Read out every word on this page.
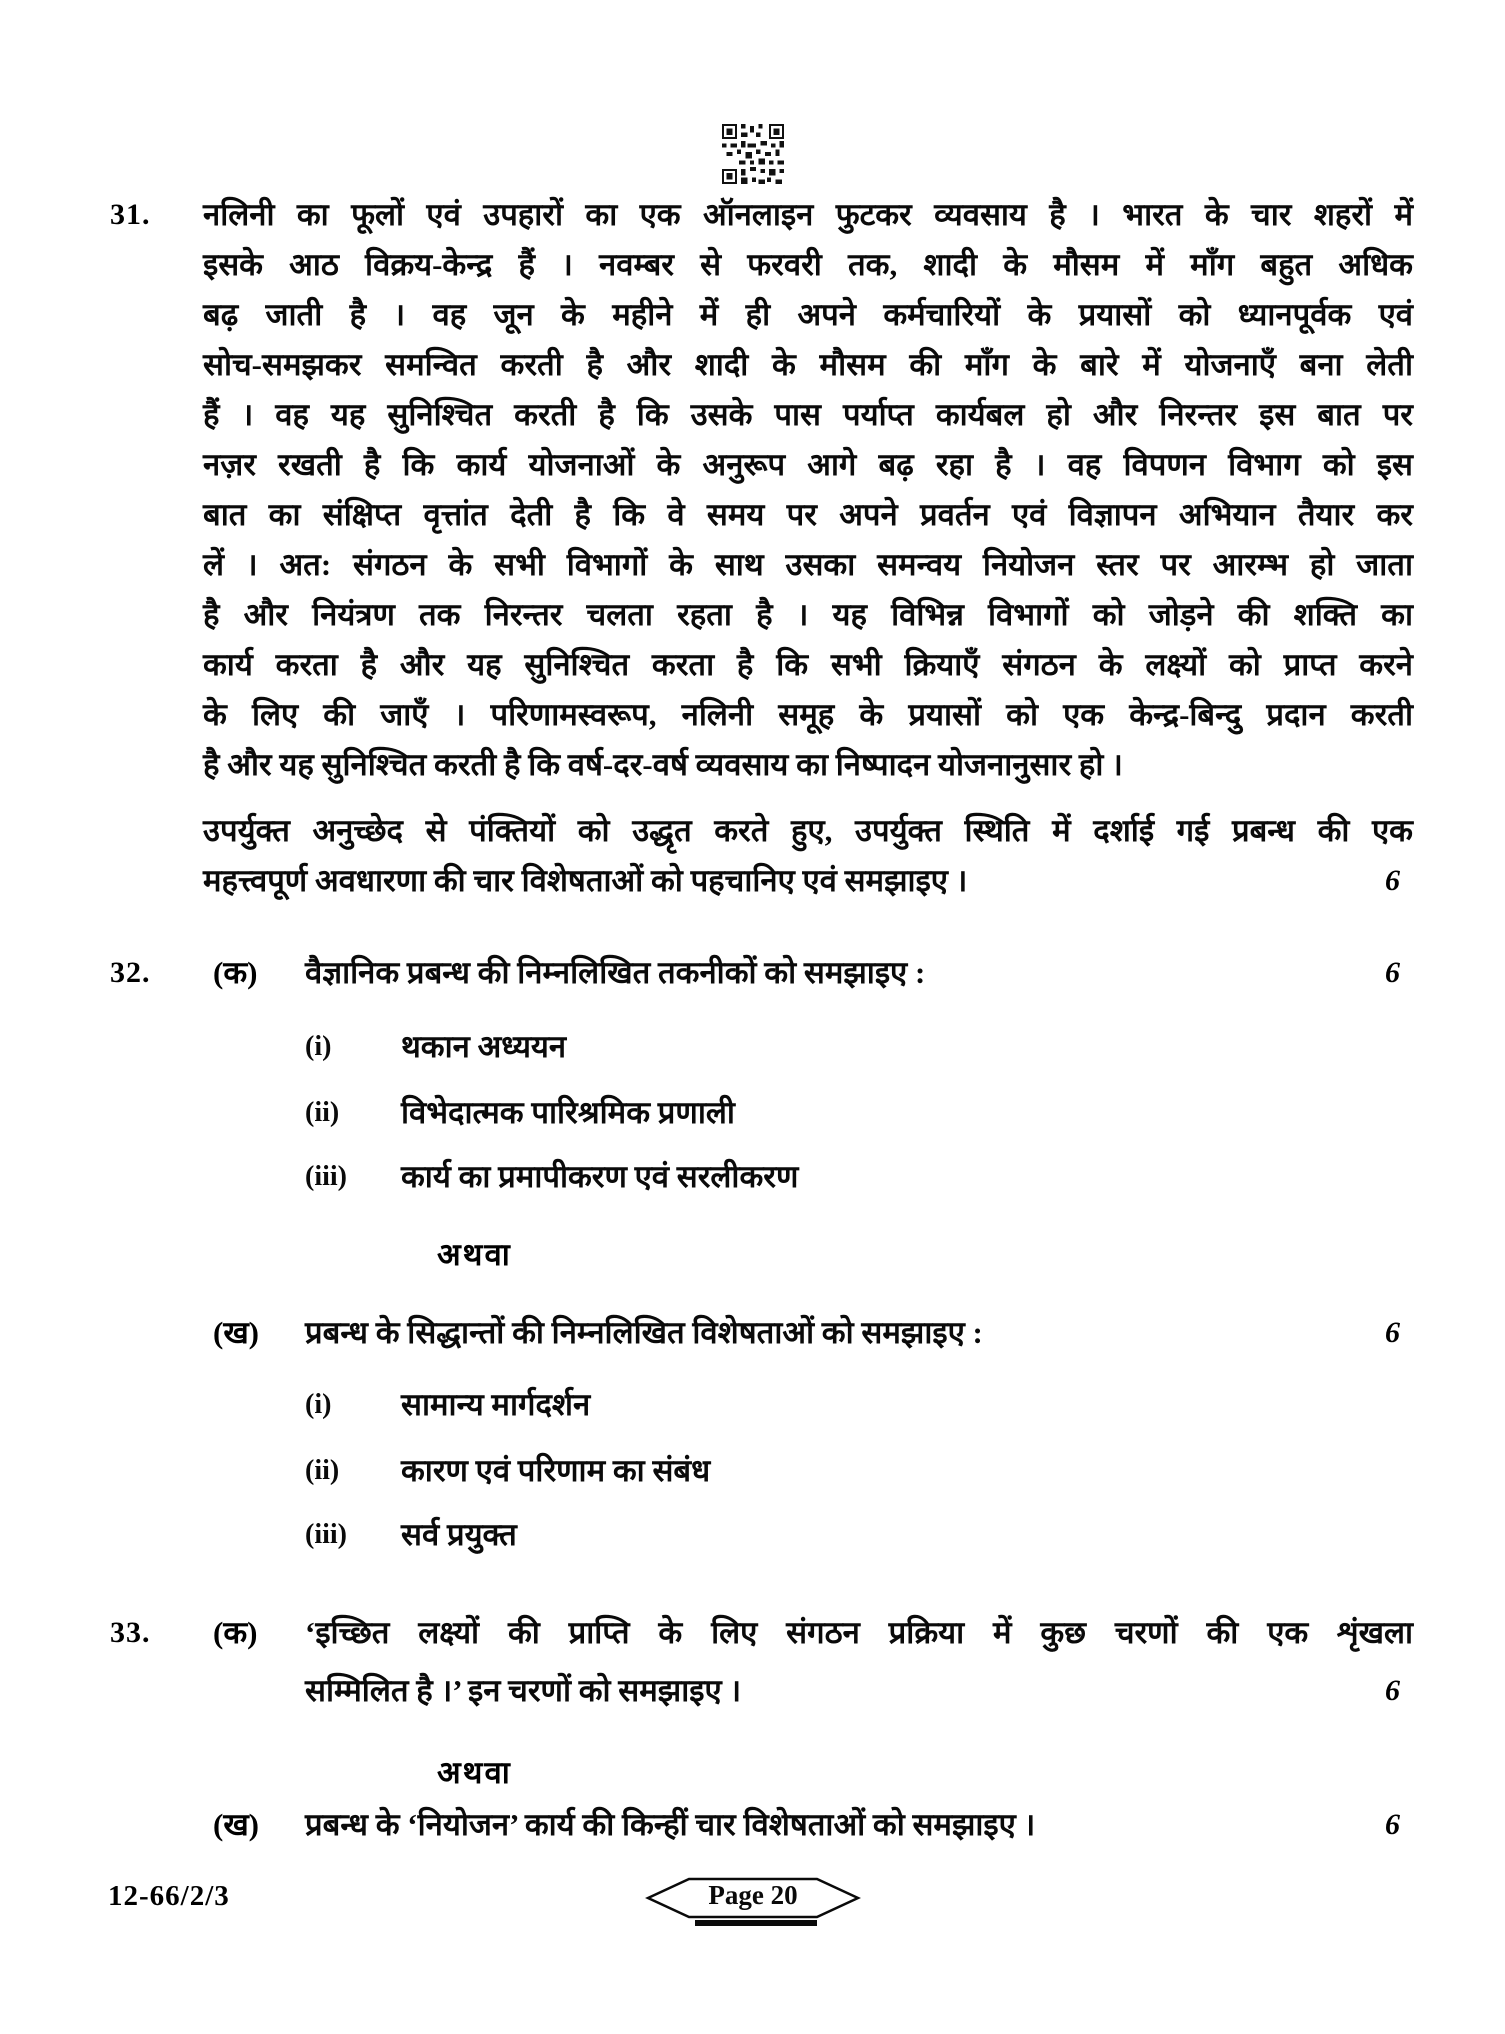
31. नलिनी का फूलों एवं उपहारों का एक ऑनलाइन फुटकर व्यवसाय है । भारत के चार शहरों में
इसके आठ विक्रय-केन्द्र हैं । नवम्बर से फरवरी तक, शादी के मौसम में माँग बहुत अधिक
बढ़ जाती है । वह जून के महीने में ही अपने कर्मचारियों के प्रयासों को ध्यानपूर्वक एवं
सोच-समझकर समन्वित करती है और शादी के मौसम की माँग के बारे में योजनाएँ बना लेती
हैं । वह यह सुनिश्चित करती है कि उसके पास पर्याप्त कार्यबल हो और निरन्तर इस बात पर
नज़र रखती है कि कार्य योजनाओं के अनुरूप आगे बढ़ रहा है । वह विपणन विभाग को इस
बात का संक्षिप्त वृत्तांत देती है कि वे समय पर अपने प्रवर्तन एवं विज्ञापन अभियान तैयार कर
लें । अत: संगठन के सभी विभागों के साथ उसका समन्वय नियोजन स्तर पर आरम्भ हो जाता
है और नियंत्रण तक निरन्तर चलता रहता है । यह विभिन्न विभागों को जोड़ने की शक्ति का
कार्य करता है और यह सुनिश्चित करता है कि सभी क्रियाएँ संगठन के लक्ष्यों को प्राप्त करने
के लिए की जाएँ । परिणामस्वरूप, नलिनी समूह के प्रयासों को एक केन्द्र-बिन्दु प्रदान करती
है और यह सुनिश्चित करती है कि वर्ष-दर-वर्ष व्यवसाय का निष्पादन योजनानुसार हो ।
उपर्युक्त अनुच्छेद से पंक्तियों को उद्धृत करते हुए, उपर्युक्त स्थिति में दर्शाई गई प्रबन्ध की एक
महत्त्वपूर्ण अवधारणा की चार विशेषताओं को पहचानिए एवं समझाइए ।	6
32. (क) वैज्ञानिक प्रबन्ध की निम्नलिखित तकनीकों को समझाइए :	6
(i) थकान अध्ययन
(ii) विभेदात्मक पारिश्रमिक प्रणाली
(iii) कार्य का प्रमापीकरण एवं सरलीकरण
अथवा
(ख) प्रबन्ध के सिद्धान्तों की निम्नलिखित विशेषताओं को समझाइए :	6
(i) सामान्य मार्गदर्शन
(ii) कारण एवं परिणाम का संबंध
(iii) सर्व प्रयुक्त
33. (क) ‘इच्छित लक्ष्यों की प्राप्ति के लिए संगठन प्रक्रिया में कुछ चरणों की एक शृंखला
सम्मिलित है ।’ इन चरणों को समझाइए ।	6
अथवा
(ख) प्रबन्ध के ‘नियोजन’ कार्य की किन्हीं चार विशेषताओं को समझाइए ।	6
12-66/2/3	Page 20
